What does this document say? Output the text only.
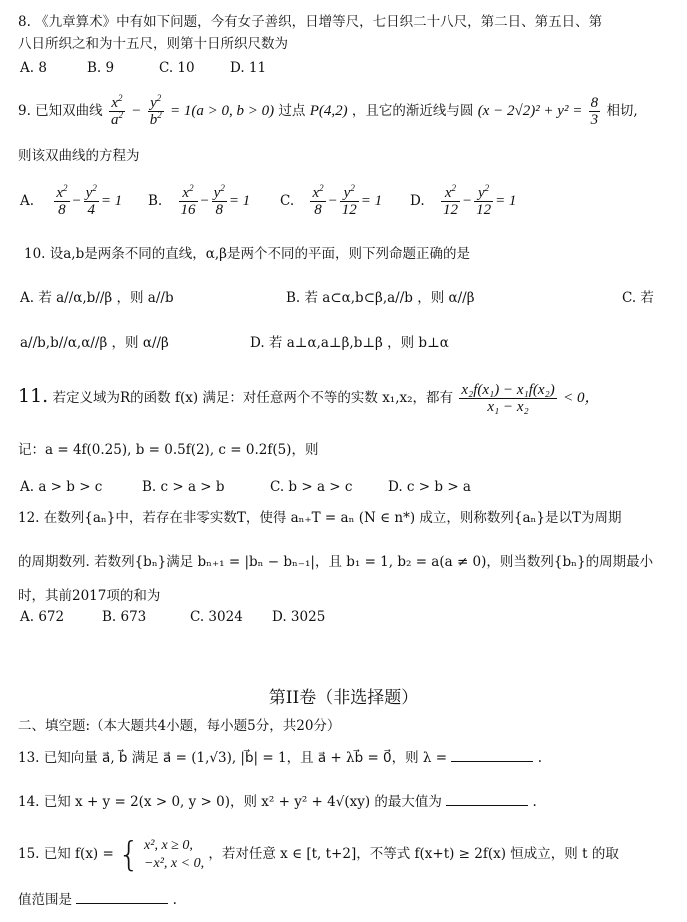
8. 《九章算术》中有如下问题，今有女子善织，日增等尺，七日织二十八尺，第二日、第五日、第
八日所织之和为十五尺，则第十日所织尺数为
A. 8	B. 9	C. 10	D. 11
9. 已知双曲线 $\frac{x^2}{a^2} - \frac{y^2}{b^2} = 1(a > 0$, b > 0) 过点 P(4,2) ，且它的渐近线与圆 $(x - 2√2)^2 + y^2 = \frac{8}{3}$ 相切,
则该双曲线的方程为
A. $\frac{x^2}{8} - \frac{y^2}{4} = 1$ B. $\frac{x^2}{16} - \frac{y^2}{8} = 1$ C. $\frac{x^2}{8} - \frac{y^2}{12} = 1$ D. $\frac{x^2}{12} - \frac{y^2}{12} = 1$
10. 设a,b是两条不同的直线，α,β是两个不同的平面，则下列命题正确的是
A. 若 a//α,b//β ，则 a//b	B. 若 a⊂α,b⊂β,a//b ，则 α//β	C. 若
a//b,b//α,α//β ，则 α//β	D. 若 a⊥α,a⊥β,b⊥β ，则 b⊥α
11. 若定义域为R的函数 f(x) 满足：对任意两个不等的实数 x₁,x₂，都有 $\frac{\text{x₂f(x₁) − x₁f(x₂)}}{\text{x₁ − x₂}} < 0$，
记：a = 4f(0.25), b = 0.5f(2), c = 0.2f(5)，则
A. a > b > c	B. c > a > b	C. b > a > c	D. c > b > a
12. 在数列{aₙ}中，若存在非零实数T，使得 aₙ₊T = aₙ (N ∈ n*) 成立，则称数列{aₙ}是以T为周期
的周期数列. 若数列{bₙ}满足 bₙ₊₁ = |bₙ − bₙ₋₁|，且 b₁ = 1, b₂ = a(a ≠ 0)，则当数列{bₙ}的周期最小
时，其前2017项的和为
A. 672	B. 673	C. 3024 D. 3025
第II卷（非选择题）
二、填空题:（本大题共4小题，每小题5分，共20分）
13. 已知向量 a⃗, b⃗ 满足 a⃗ = (1,√3), |b⃗| = 1，且 a⃗ + λb⃗ = 0⃗，则 λ =	.
14. 已知 x + y = 2(x > 0, y > 0)，则 x² + y² + 4√(xy) 的最大值为	.
15. 已知 f(x) = { x², x ≥ 0,
−x², x < 0,
，若对任意 x ∈ [t, t+2]，不等式 f(x+t) ≥ 2f(x) 恒成立，则 t 的取
值范围是	.
